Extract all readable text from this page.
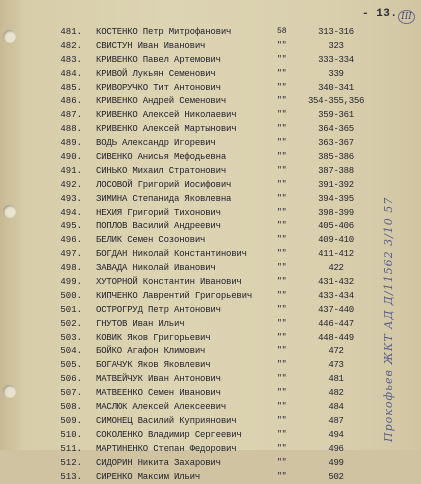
- 13. III
481. КОСТЕНКО Петр Митрофанович	58	313-316
482. СВИСТУН Иван Иванович	""	323
483. КРИВЕНКО Павел Артемович	""	333-334
484. КРИВОЙ Лукьян Семенович	""	339
485. КРИВОРУЧКО Тит Антонович	""	340-341
486. КРИВЕНКО Андрей Семенович	"" 354-355,356
487. КРИВЕНКО Алексей Николаевич	""	359-361
488. КРИВЕНКО Алексей Мартынович	""	364-365
489. ВОДЬ Александр Игоревич	""	363-367
490. СИВЕНКО Анисья Мефодьевна	""	385-386
491. СИНЬКО Михаил Стратонович	""	387-388
492. ЛОСОВОЙ Григорий Иосифович	""	391-392
493. ЗИМИНА Степанида Яковлевна	""	394-395
494. НЕХИЯ Григорий Тихонович	""	398-399
495. ПОПЛОВ Василий Андреевич	""	405-406
496. БЕЛИК Семен Созонович	""	409-410
497. БОГДАН Николай Константинович	""	411-412
498. ЗАВАДА Николай Иванович	""	422
499. ХУТОРНОЙ Константин Иванович	""	431-432
500. КИПЧЕНКО Лаврентий Григорьевич	""	433-434
501. ОСТРОГРУД Петр Антонович	""	437-440
502. ГНУТОВ Иван Ильич	""	446-447
503. КОВИК Яков Григорьевич	""	448-449
504. БОЙКО Агафон Климович	""	472
505. БОГАЧУК Яков Яковлевич	""	473
506. МАТВЕЙЧУК Иван Антонович	""	481
507. МАТВЕЕНКО Семен Иванович	""	482
508. МАСЛЮК Алексей Алексеевич	""	484
509. СИМОНЕЦ Василий Куприянович	""	487
510. СОКОЛЕНКО Владимир Сергеевич	""	494
511. МАРТИНЕНКО Степан Федорович	""	496
512. СИДОРИН Никита Захарович	""	499
513. СИРЕНКО Максим Ильич	""	502
Прокофьев ЖКТ АД Д/11562 3/10 57
